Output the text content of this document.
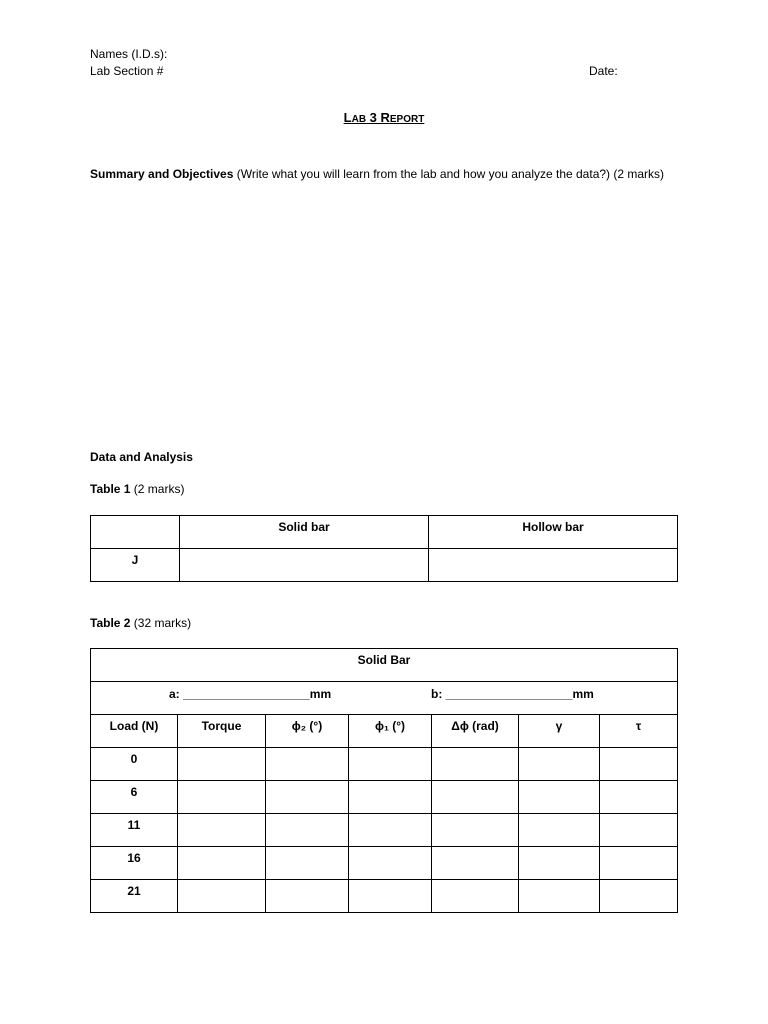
Names (I.D.s):
Lab Section #	Date:
LAB 3 REPORT
Summary and Objectives (Write what you will learn from the lab and how you analyze the data?) (2 marks)
Data and Analysis
Table 1 (2 marks)

	Solid bar	Hollow bar

J		

Table 2 (32 marks)
Solid Bar						

a: ___________________mm b: ___________________mm						

Load (N)	Torque	ϕ₂ (°)	ϕ₁ (°)	Δϕ (rad)	γ	τ

0						

6						

11						

16						

21						
